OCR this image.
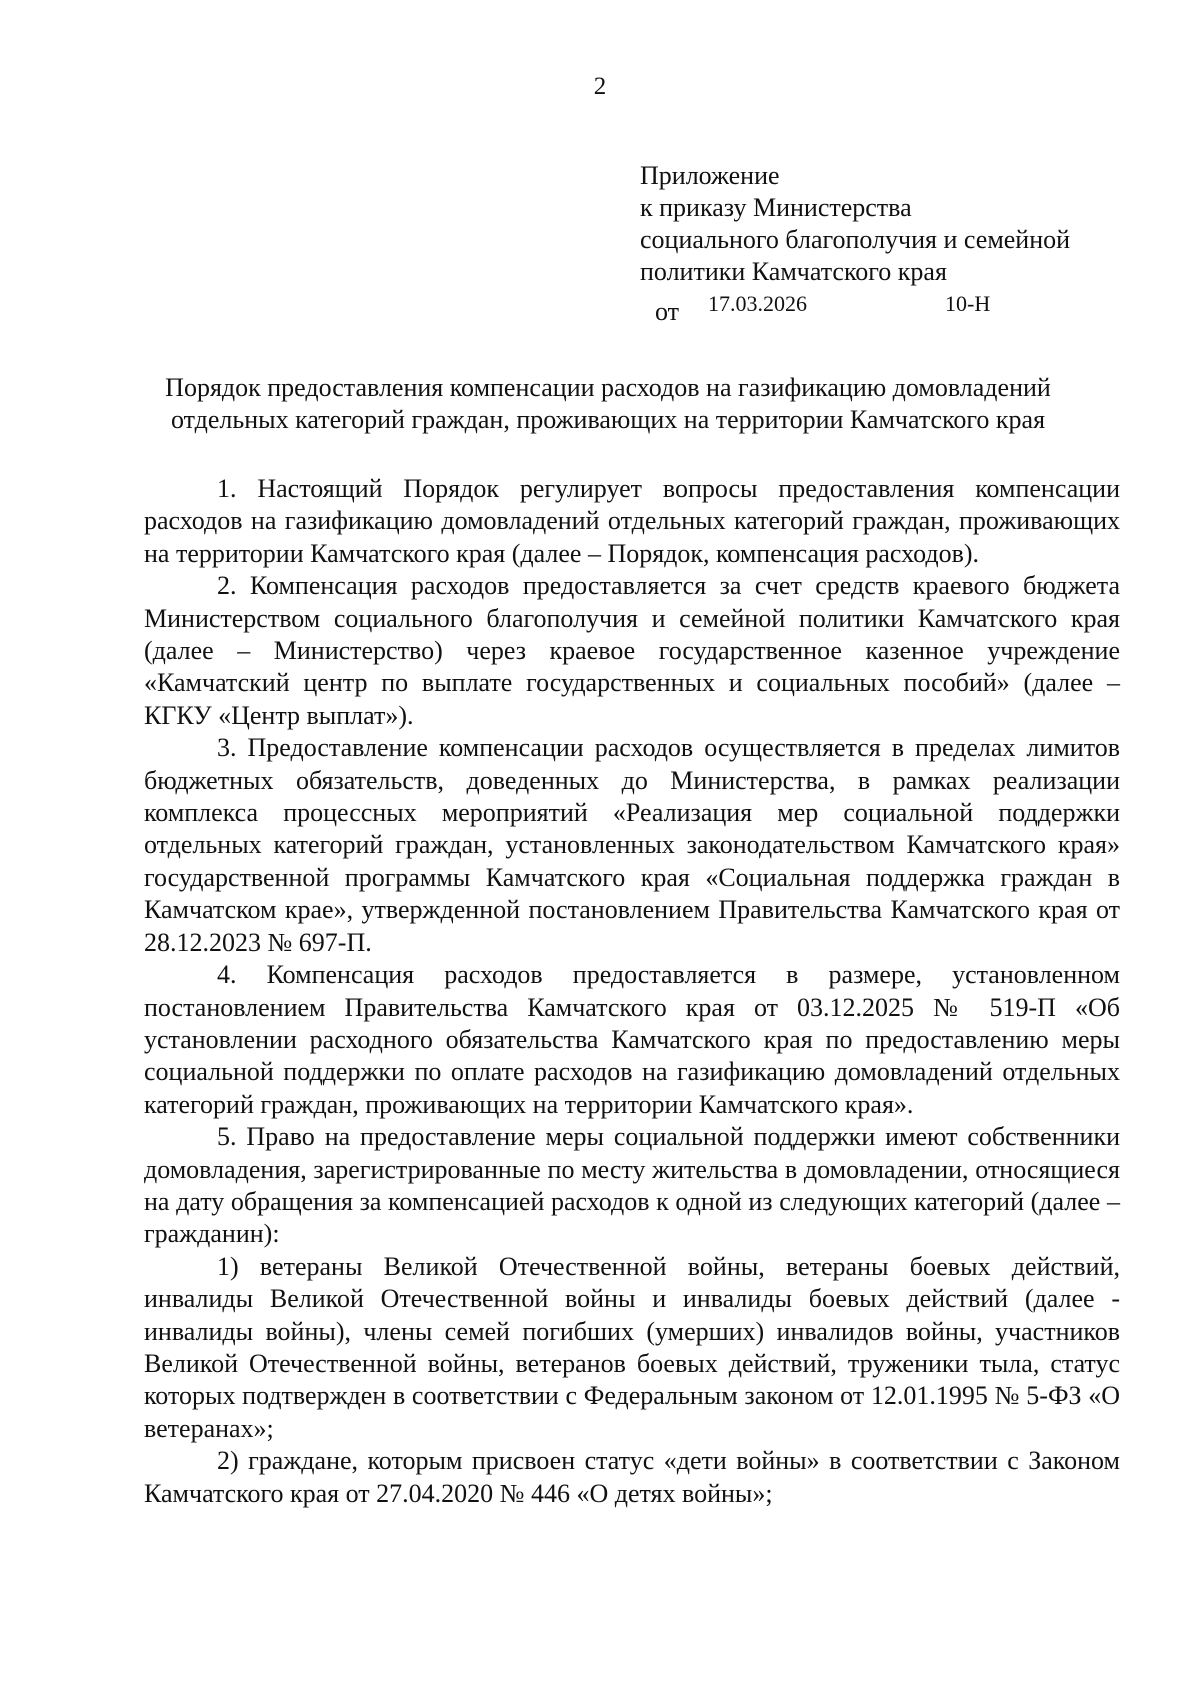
2
Приложение
к приказу Министерства
социального благополучия и семейной
политики Камчатского края
от 17.03.2026	10-Н
Порядок предоставления компенсации расходов на газификацию домовладений
отдельных категорий граждан, проживающих на территории Камчатского края

1. Настоящий Порядок регулирует вопросы предоставления компенсации расходов на газификацию домовладений отдельных категорий граждан, проживающих на территории Камчатского края (далее – Порядок, компенсация расходов).

2. Компенсация расходов предоставляется за счет средств краевого бюджета Министерством социального благополучия и семейной политики Камчатского края (далее – Министерство) через краевое государственное казенное учреждение «Камчатский центр по выплате государственных и социальных пособий» (далее – КГКУ «Центр выплат»).

3. Предоставление компенсации расходов осуществляется в пределах лимитов бюджетных обязательств, доведенных до Министерства, в рамках реализации комплекса процессных мероприятий «Реализация мер социальной поддержки отдельных категорий граждан, установленных законодательством Камчатского края» государственной программы Камчатского края «Социальная поддержка граждан в Камчатском крае», утвержденной постановлением Правительства Камчатского края от 28.12.2023 № 697-П.

4. Компенсация расходов предоставляется в размере, установленном постановлением Правительства Камчатского края от 03.12.2025 № 519-П «Об установлении расходного обязательства Камчатского края по предоставлению меры социальной поддержки по оплате расходов на газификацию домовладений отдельных категорий граждан, проживающих на территории Камчатского края».

5. Право на предоставление меры социальной поддержки имеют собственники домовладения, зарегистрированные по месту жительства в домовладении, относящиеся на дату обращения за компенсацией расходов к одной из следующих категорий (далее – гражданин):

1) ветераны Великой Отечественной войны, ветераны боевых действий, инвалиды Великой Отечественной войны и инвалиды боевых действий (далее - инвалиды войны), члены семей погибших (умерших) инвалидов войны, участников Великой Отечественной войны, ветеранов боевых действий, труженики тыла, статус которых подтвержден в соответствии с Федеральным законом от 12.01.1995 № 5-ФЗ «О ветеранах»;

2) граждане, которым присвоен статус «дети войны» в соответствии с Законом Камчатского края от 27.04.2020 № 446 «О детях войны»;
